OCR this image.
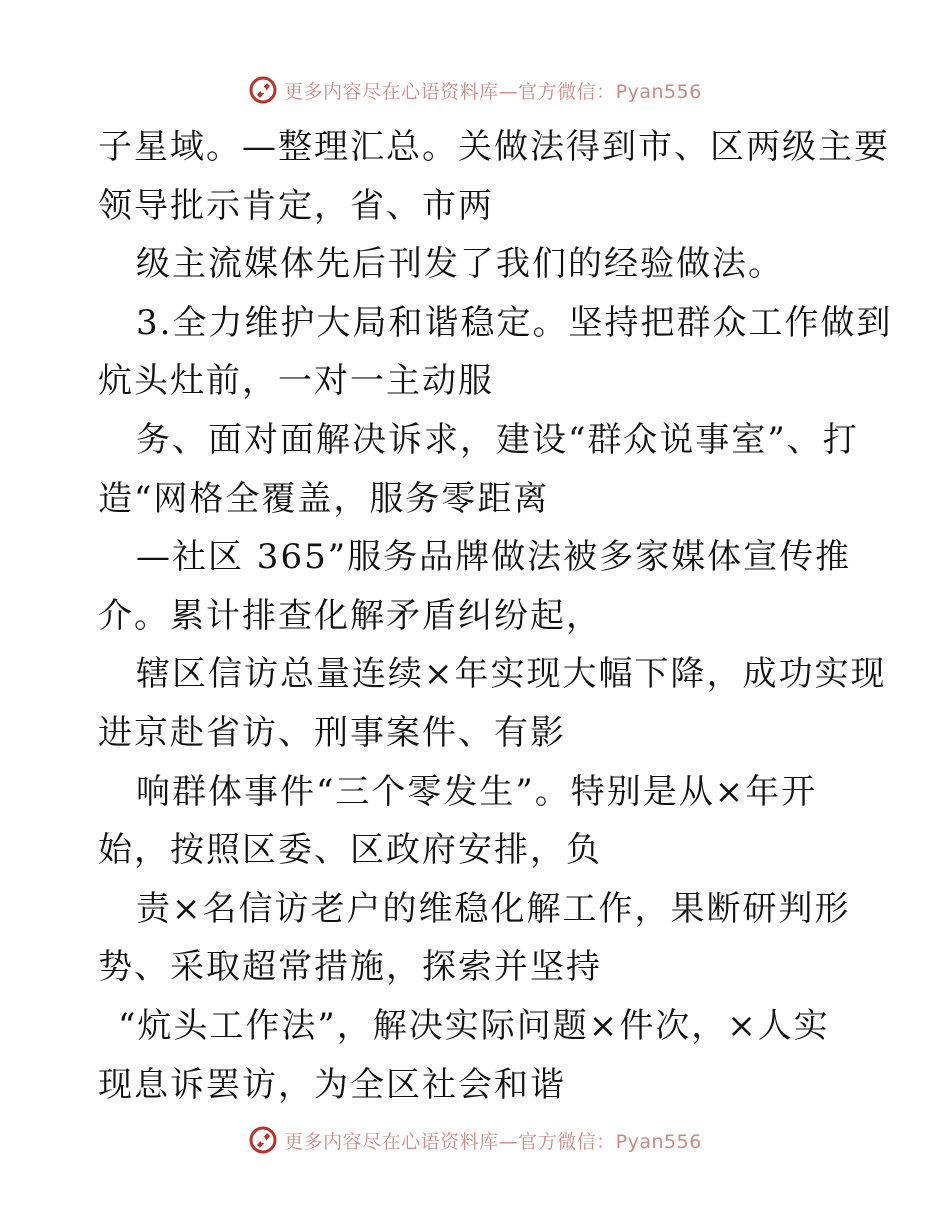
更多内容尽在心语资料库—官方微信：Pyan556
子星域。—整理汇总。关做法得到市、区两级主要
领导批示肯定，省、市两
级主流媒体先后刊发了我们的经验做法。
3.全力维护大局和谐稳定。坚持把群众工作做到
炕头灶前，一对一主动服
务、面对面解决诉求，建设“群众说事室”、打
造“网格全覆盖，服务零距离
—社区 365”服务品牌做法被多家媒体宣传推
介。累计排查化解矛盾纠纷起，
辖区信访总量连续×年实现大幅下降，成功实现
进京赴省访、刑事案件、有影
响群体事件“三个零发生”。特别是从×年开
始，按照区委、区政府安排，负
责×名信访老户的维稳化解工作，果断研判形
势、采取超常措施，探索并坚持
“炕头工作法”，解决实际问题×件次，×人实
现息诉罢访，为全区社会和谐
更多内容尽在心语资料库—官方微信：Pyan556
